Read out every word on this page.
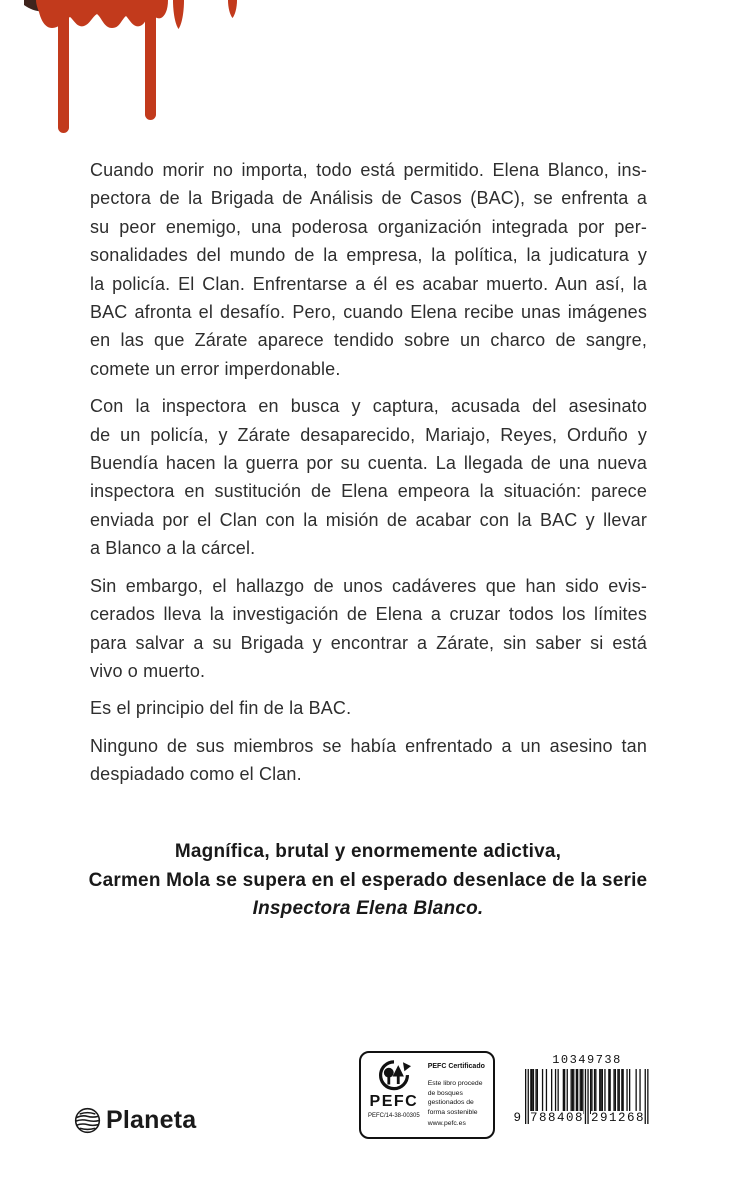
Cuando morir no importa, todo está permitido. Elena Blanco, ins-
pectora de la Brigada de Análisis de Casos (BAC), se enfrenta a
su peor enemigo, una poderosa organización integrada por per-
sonalidades del mundo de la empresa, la política, la judicatura y
la policía. El Clan. Enfrentarse a él es acabar muerto. Aun así, la
BAC afronta el desafío. Pero, cuando Elena recibe unas imágenes
en las que Zárate aparece tendido sobre un charco de sangre,
comete un error imperdonable.
Con la inspectora en busca y captura, acusada del asesinato
de un policía, y Zárate desaparecido, Mariajo, Reyes, Orduño y
Buendía hacen la guerra por su cuenta. La llegada de una nueva
inspectora en sustitución de Elena empeora la situación: parece
enviada por el Clan con la misión de acabar con la BAC y llevar
a Blanco a la cárcel.
Sin embargo, el hallazgo de unos cadáveres que han sido evis-
cerados lleva la investigación de Elena a cruzar todos los límites
para salvar a su Brigada y encontrar a Zárate, sin saber si está
vivo o muerto.
Es el principio del fin de la BAC.
Ninguno de sus miembros se había enfrentado a un asesino tan
despiadado como el Clan.
Magnífica, brutal y enormemente adictiva,
Carmen Mola se supera en el esperado desenlace de la serie
Inspectora Elena Blanco.
Planeta
PEFC
PEFC/14-38-00305
PEFC Certificado
Este libro procede de bosques gestionados de forma sostenible
www.pefc.es
10349738
9 788408 291268
